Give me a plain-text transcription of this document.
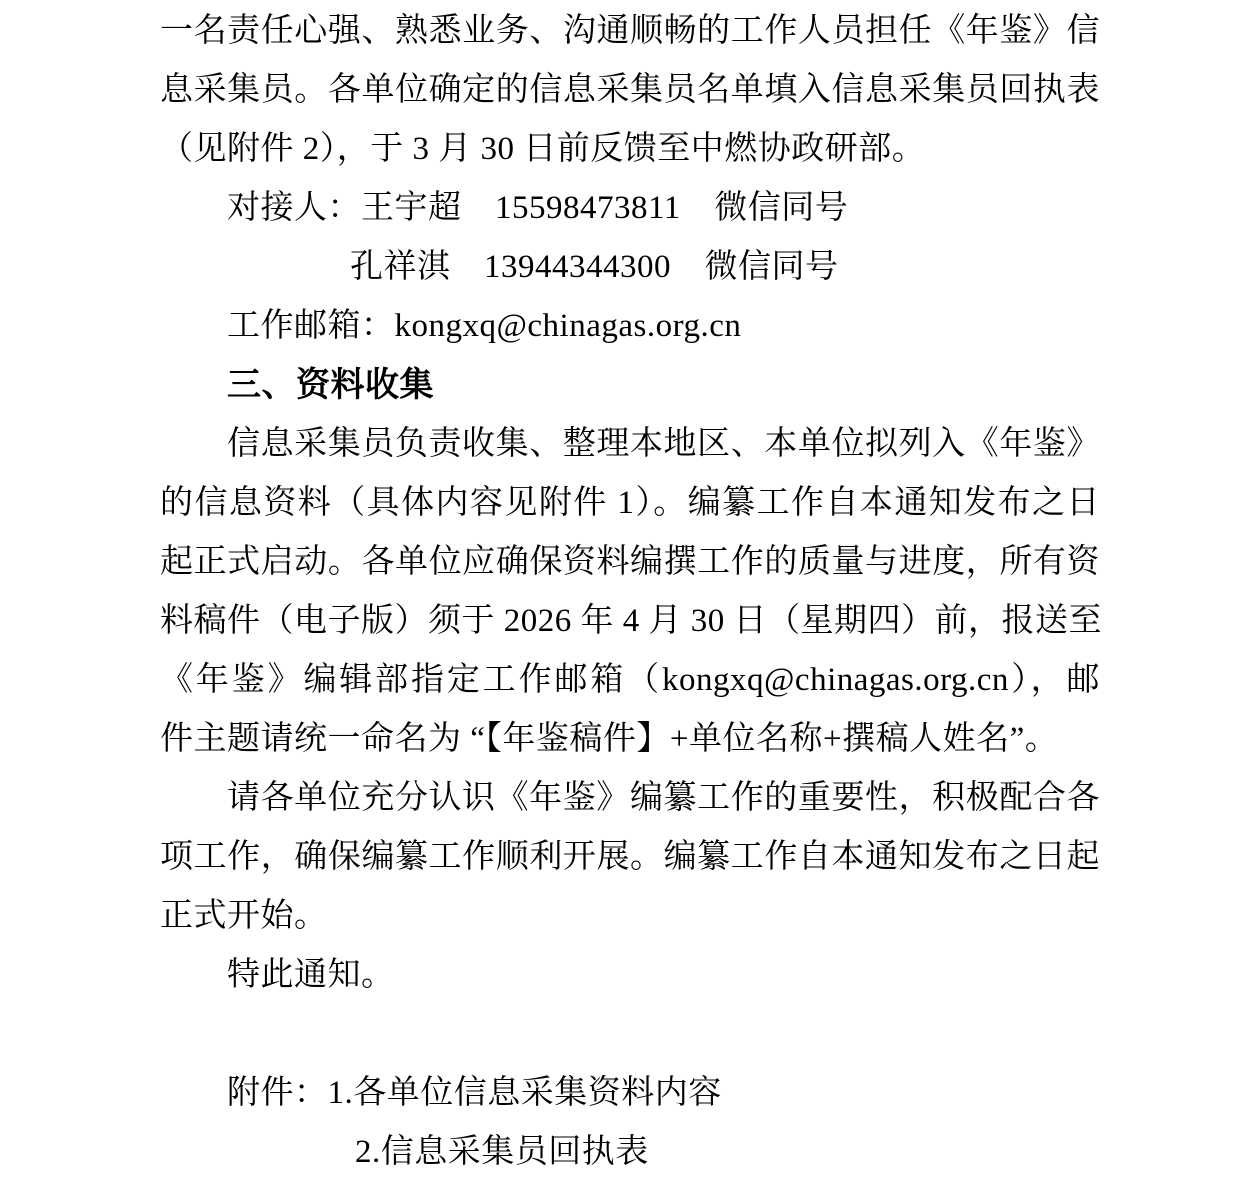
一名责任心强、熟悉业务、沟通顺畅的工作人员担任《年鉴》信
息采集员。各单位确定的信息采集员名单填入信息采集员回执表
（见附件 2），于 3 月 30 日前反馈至中燃协政研部。
对接人：王宇超　15598473811　微信同号
孔祥淇　13944344300　微信同号
工作邮箱：kongxq@chinagas.org.cn
三、资料收集
信息采集员负责收集、整理本地区、本单位拟列入《年鉴》
的信息资料（具体内容见附件 1）。编纂工作自本通知发布之日
起正式启动。各单位应确保资料编撰工作的质量与进度，所有资
料稿件（电子版）须于 2026 年 4 月 30 日（星期四）前，报送至
《年鉴》编辑部指定工作邮箱（kongxq@chinagas.org.cn），邮
件主题请统一命名为 “【年鉴稿件】+单位名称+撰稿人姓名”。
请各单位充分认识《年鉴》编纂工作的重要性，积极配合各
项工作，确保编纂工作顺利开展。编纂工作自本通知发布之日起
正式开始。
特此通知。
附件：1.各单位信息采集资料内容
2.信息采集员回执表
